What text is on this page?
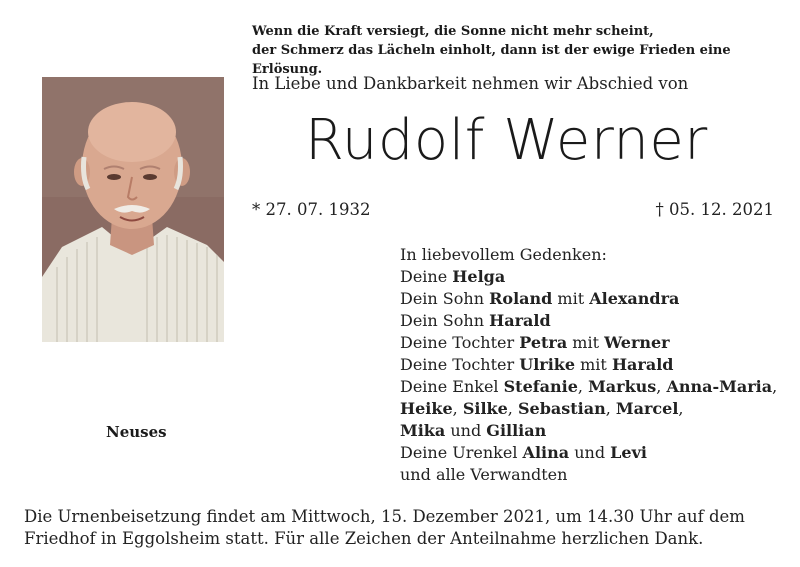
Wenn die Kraft versiegt, die Sonne nicht mehr scheint,
der Schmerz das Lächeln einholt, dann ist der ewige Frieden eine Erlösung.
In Liebe und Dankbarkeit nehmen wir Abschied von
Rudolf Werner
* 27. 07. 1932	† 05. 12. 2021
Neuses
In liebevollem Gedenken:
Deine Helga
Dein Sohn Roland mit Alexandra
Dein Sohn Harald
Deine Tochter Petra mit Werner
Deine Tochter Ulrike mit Harald
Deine Enkel Stefanie, Markus, Anna-Maria,
Heike, Silke, Sebastian, Marcel,
Mika und Gillian
Deine Urenkel Alina und Levi
und alle Verwandten
Die Urnenbeisetzung findet am Mittwoch, 15. Dezember 2021, um 14.30 Uhr auf dem
Friedhof in Eggolsheim statt. Für alle Zeichen der Anteilnahme herzlichen Dank.
